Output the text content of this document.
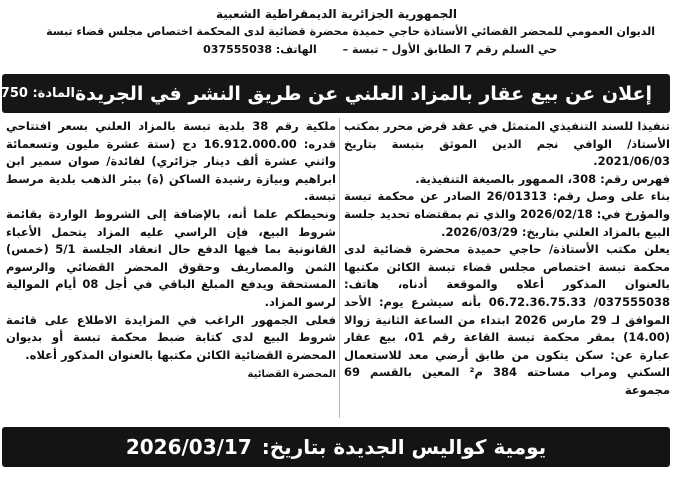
الجمهورية الجزائرية الديمقراطية الشعبية
الديوان العمومي للمحضر القضائي الأستاذة حاجي حميدة محضرة قضائية لدى المحكمة اختصاص مجلس قضاء تبسة
حي السلم رقم 7 الطابق الأول – تبسة – الهاتف: 037555038
إعلان عن بيع عقار بالمزاد العلني عن طريق النشر في الجريدة
المادة: 750

تنفيذا للسند التنفيذي المتمثل في عقد قرض محرر بمكتب الأستاذ/ الوافي نجم الدين الموثق بتبسة بتاريخ 2021/06/03.

فهرس رقم: 308، الممهور بالصيغة التنفيذية.

بناء على وصل رقم: 26/01313 الصادر عن محكمة تبسة والمؤرخ في: 2026/02/18 والذي تم بمقتضاه تحديد جلسة البيع بالمزاد العلني بتاريخ: 2026/03/29.

يعلن مكتب الأستاذة/ حاجي حميدة محضرة قضائية لدى محكمة تبسة اختصاص مجلس قضاء تبسة الكائن مكتبها بالعنوان المذكور أعلاه والموقعة أدناه، هاتف: 037555038/ 06.72.36.75.33 بأنه سيشرع يوم: الأحد الموافق لـ 29 مارس 2026 ابتداء من الساعة الثانية زوالا (14.00) بمقر محكمة تبسة القاعة رقم 01، بيع عقار عبارة عن: سكن يتكون من طابق أرضي معد للاستعمال السكني ومراب مساحته 384 م² المعين بالقسم 69 مجموعة

ملكية رقم 38 بلدية تبسة بالمزاد العلني بسعر افتتاحي قدره: 16.912.000.00 دج (ستة عشرة مليون وتسعمائة واثني عشرة ألف دينار جزائري) لفائدة/ صوان سمير ابن ابراهيم وبيازة رشيدة الساكن (ة) ببئر الذهب بلدية مرسط تبسة.

ونحيطكم علما أنه، بالإضافة إلى الشروط الواردة بقائمة شروط البيع، فإن الراسي عليه المزاد يتحمل الأعباء القانونية بما فيها الدفع حال انعقاد الجلسة 5/1 (خمس) الثمن والمصاريف وحقوق المحضر القضائي والرسوم المستحقة ويدفع المبلغ الباقي في أجل 08 أيام الموالية لرسو المزاد.

فعلى الجمهور الراغب في المزايدة الاطلاع على قائمة شروط البيع لدى كتابة ضبط محكمة تبسة أو بديوان المحضرة القضائية الكائن مكتبها بالعنوان المذكور أعلاه.

المحضرة القضائية
يومية كواليس الجديدة بتاريخ:
2026/03/17
